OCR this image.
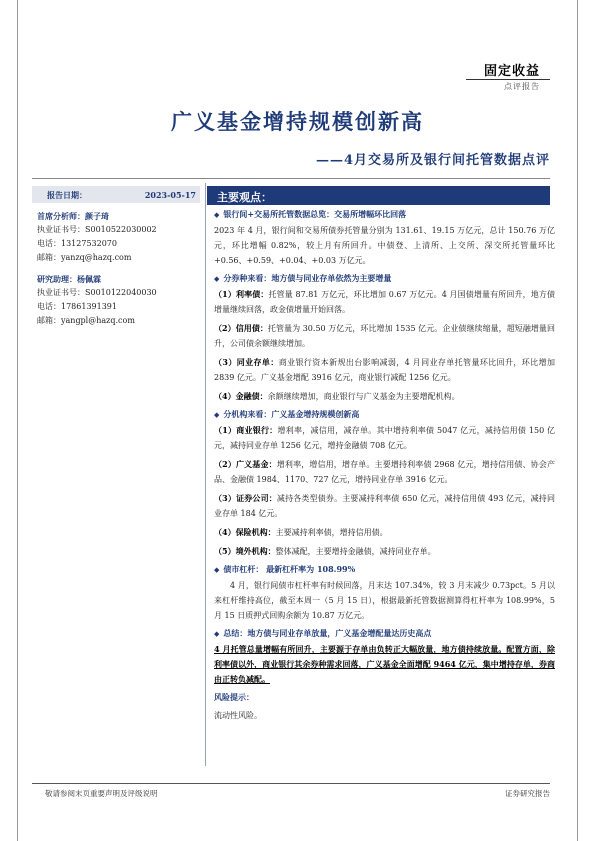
固定收益
点评报告
广义基金增持规模创新高
——4月交易所及银行间托管数据点评
报告日期：	2023-05-17
首席分析师：颜子琦
执业证书号：S0010522030002
电话：13127532070
邮箱：yanzq@hazq.com
研究助理：杨佩霖
执业证书号：S0010122040030
电话：17861391391
邮箱：yangpl@hazq.com
主要观点：
◆ 银行间+交易所托管数据总览：交易所增幅环比回落

2023 年 4 月，银行间和交易所债券托管量分别为 131.61、19.15 万亿元，总计 150.76 万亿元，环比增幅 0.82%，较上月有所回升。中债登、上清所、上交所、深交所托管量环比+0.56、+0.59、+0.04、+0.03 万亿元。

◆ 分券种来看：地方债与同业存单依然为主要增量

（1）利率债：托管量 87.81 万亿元，环比增加 0.67 万亿元。4 月国债增量有所回升，地方债增量继续回落，政金债增量开始回落。

（2）信用债：托管量为 30.50 万亿元，环比增加 1535 亿元。企业债继续缩量，超短融增量回升，公司债余额继续增加。

（3）同业存单：商业银行资本新规出台影响减弱，4 月同业存单托管量环比回升，环比增加 2839 亿元。广义基金增配 3916 亿元，商业银行减配 1256 亿元。

（4）金融债：余额继续增加，商业银行与广义基金为主要增配机构。

◆ 分机构来看：广义基金增持规模创新高

（1）商业银行：增利率，减信用，减存单。其中增持利率债 5047 亿元，减持信用债 150 亿元，减持同业存单 1256 亿元，增持金融债 708 亿元。

（2）广义基金：增利率，增信用，增存单。主要增持利率债 2968 亿元，增持信用债、协会产品、金融债 1984、1170、727 亿元，增持同业存单 3916 亿元。

（3）证券公司：减持各类型债券。主要减持利率债 650 亿元，减持信用债 493 亿元，减持同业存单 184 亿元。

（4）保险机构：主要减持利率债，增持信用债。

（5）境外机构：整体减配，主要增持金融债，减持同业存单。

◆ 债市杠杆： 最新杠杆率为 108.99%

4 月，银行间债市杠杆率有时候回落，月末达 107.34%，较 3 月末减少 0.73pct。5 月以来杠杆维持高位，截至本周一（5 月 15 日），根据最新托管数据测算得杠杆率为 108.99%，5 月 15 日质押式回购余额为 10.87 万亿元。

◆ 总结：地方债与同业存单放量，广义基金增配量达历史高点

4 月托管总量增幅有所回升，主要源于存单由负转正大幅放量，地方债持续放量。配置方面，除利率债以外，商业银行其余券种需求回落，广义基金全面增配 9464 亿元，集中增持存单，券商由正转负减配。

风险提示：

流动性风险。

敬请参阅末页重要声明及评级说明	证券研究报告
